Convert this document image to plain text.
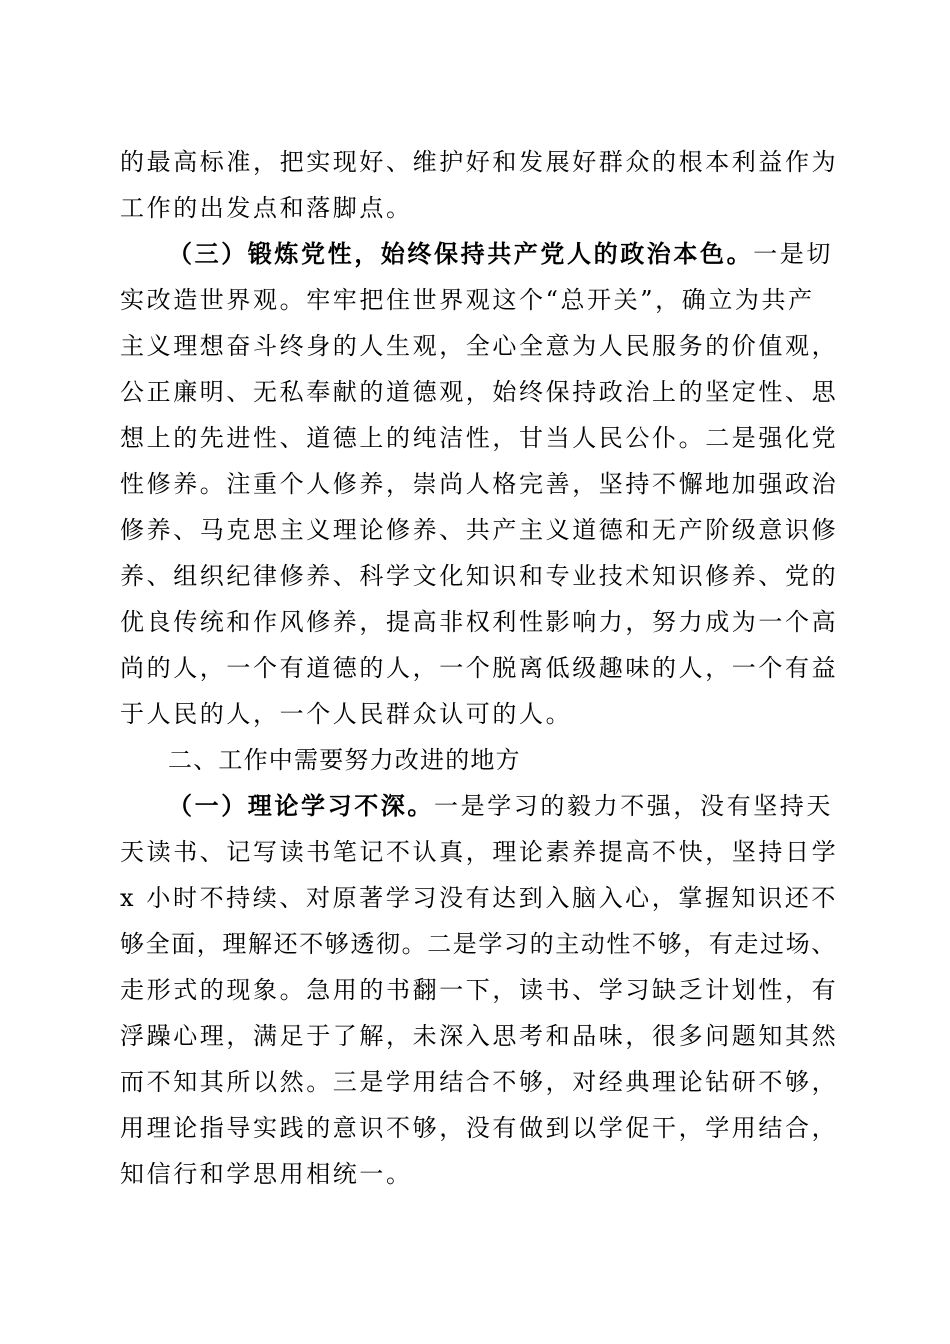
的最高标准，把实现好、维护好和发展好群众的根本利益作为
工作的出发点和落脚点。
（三）锻炼党性，始终保持共产党人的政治本色。一是切
实改造世界观。牢牢把住世界观这个“总开关”，确立为共产
主义理想奋斗终身的人生观，全心全意为人民服务的价值观，
公正廉明、无私奉献的道德观，始终保持政治上的坚定性、思
想上的先进性、道德上的纯洁性，甘当人民公仆。二是强化党
性修养。注重个人修养，崇尚人格完善，坚持不懈地加强政治
修养、马克思主义理论修养、共产主义道德和无产阶级意识修
养、组织纪律修养、科学文化知识和专业技术知识修养、党的
优良传统和作风修养，提高非权利性影响力，努力成为一个高
尚的人，一个有道德的人，一个脱离低级趣味的人，一个有益
于人民的人，一个人民群众认可的人。
二、工作中需要努力改进的地方
（一）理论学习不深。一是学习的毅力不强，没有坚持天
天读书、记写读书笔记不认真，理论素养提高不快，坚持日学
x 小时不持续、对原著学习没有达到入脑入心，掌握知识还不
够全面，理解还不够透彻。二是学习的主动性不够，有走过场、
走形式的现象。急用的书翻一下，读书、学习缺乏计划性，有
浮躁心理，满足于了解，未深入思考和品味，很多问题知其然
而不知其所以然。三是学用结合不够，对经典理论钻研不够，
用理论指导实践的意识不够，没有做到以学促干，学用结合，
知信行和学思用相统一。
